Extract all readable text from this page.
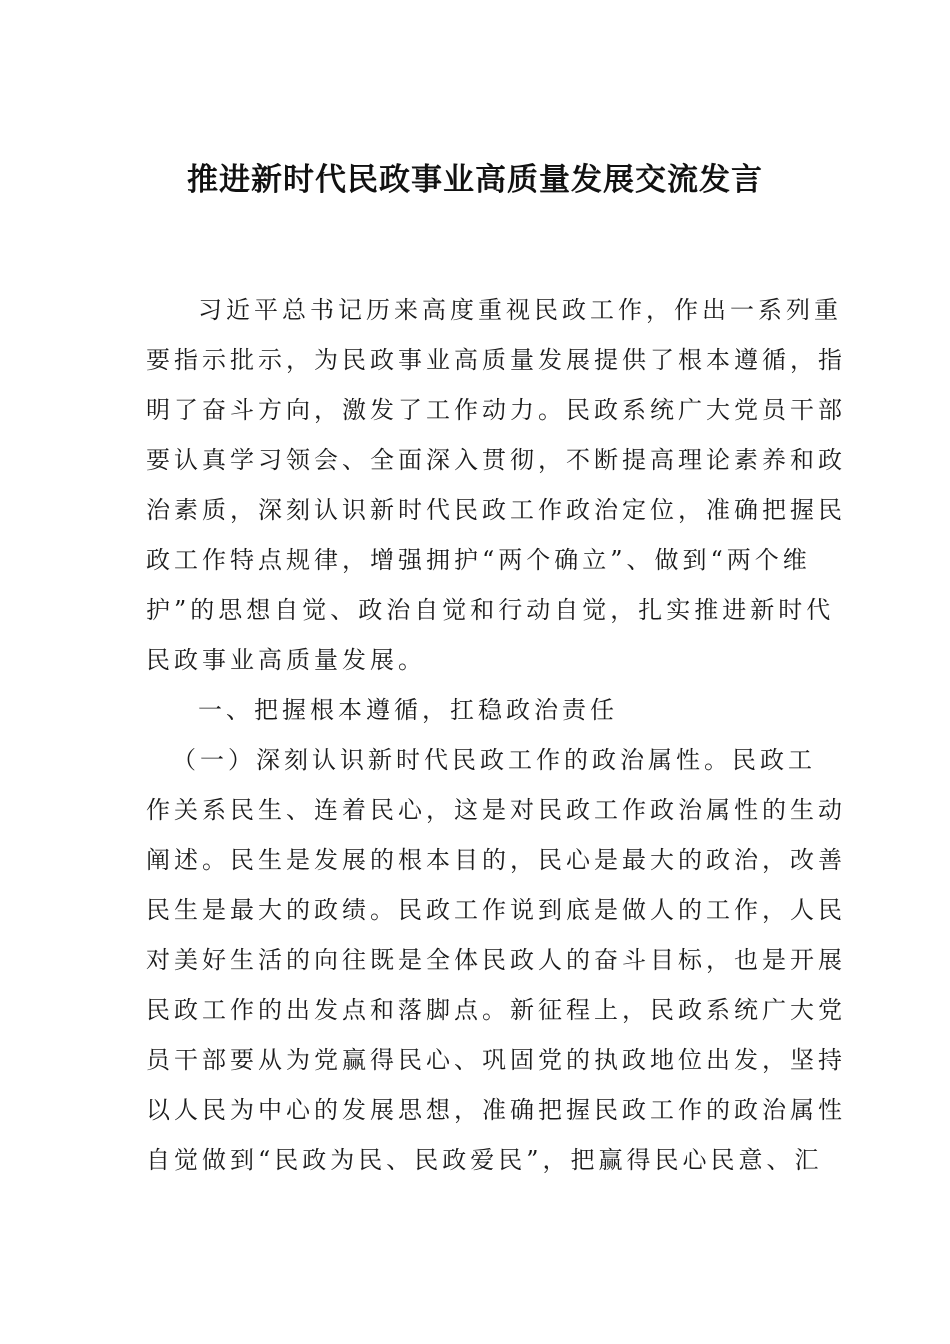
推进新时代民政事业高质量发展交流发言
习近平总书记历来高度重视民政工作，作出一系列重
要指示批示，为民政事业高质量发展提供了根本遵循，指
明了奋斗方向，激发了工作动力。民政系统广大党员干部
要认真学习领会、全面深入贯彻，不断提高理论素养和政
治素质，深刻认识新时代民政工作政治定位，准确把握民
政工作特点规律，增强拥护“两个确立”、做到“两个维
护”的思想自觉、政治自觉和行动自觉，扎实推进新时代
民政事业高质量发展。
一、把握根本遵循，扛稳政治责任
（一）深刻认识新时代民政工作的政治属性。民政工
作关系民生、连着民心，这是对民政工作政治属性的生动
阐述。民生是发展的根本目的，民心是最大的政治，改善
民生是最大的政绩。民政工作说到底是做人的工作，人民
对美好生活的向往既是全体民政人的奋斗目标，也是开展
民政工作的出发点和落脚点。新征程上，民政系统广大党
员干部要从为党赢得民心、巩固党的执政地位出发，坚持
以人民为中心的发展思想，准确把握民政工作的政治属性
自觉做到“民政为民、民政爱民”，把赢得民心民意、汇
